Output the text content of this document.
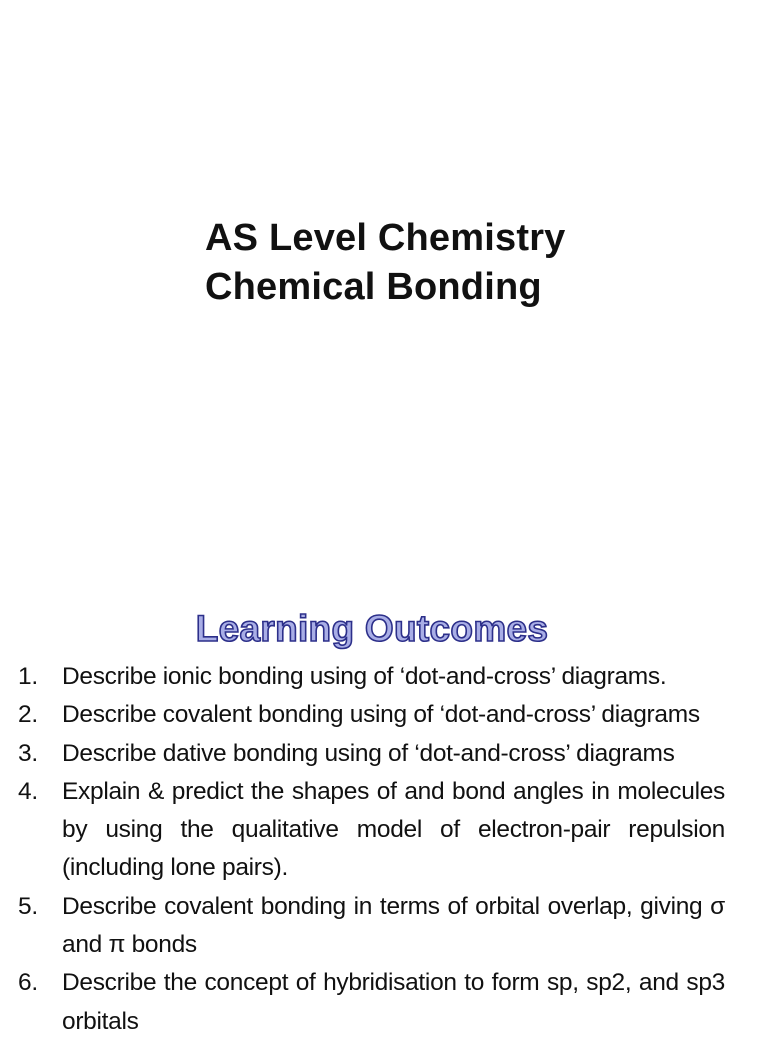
AS Level Chemistry
Chemical Bonding
Learning Outcomes
1. Describe ionic bonding using of ‘dot-and-cross’ diagrams.
2. Describe covalent bonding using of ‘dot-and-cross’ diagrams
3. Describe dative bonding using of ‘dot-and-cross’ diagrams
4. Explain & predict the shapes of and bond angles in molecules by using the qualitative model of electron-pair repulsion (including lone pairs).
5. Describe covalent bonding in terms of orbital overlap, giving σ and π bonds
6. Describe the concept of hybridisation to form sp, sp2, and sp3 orbitals
